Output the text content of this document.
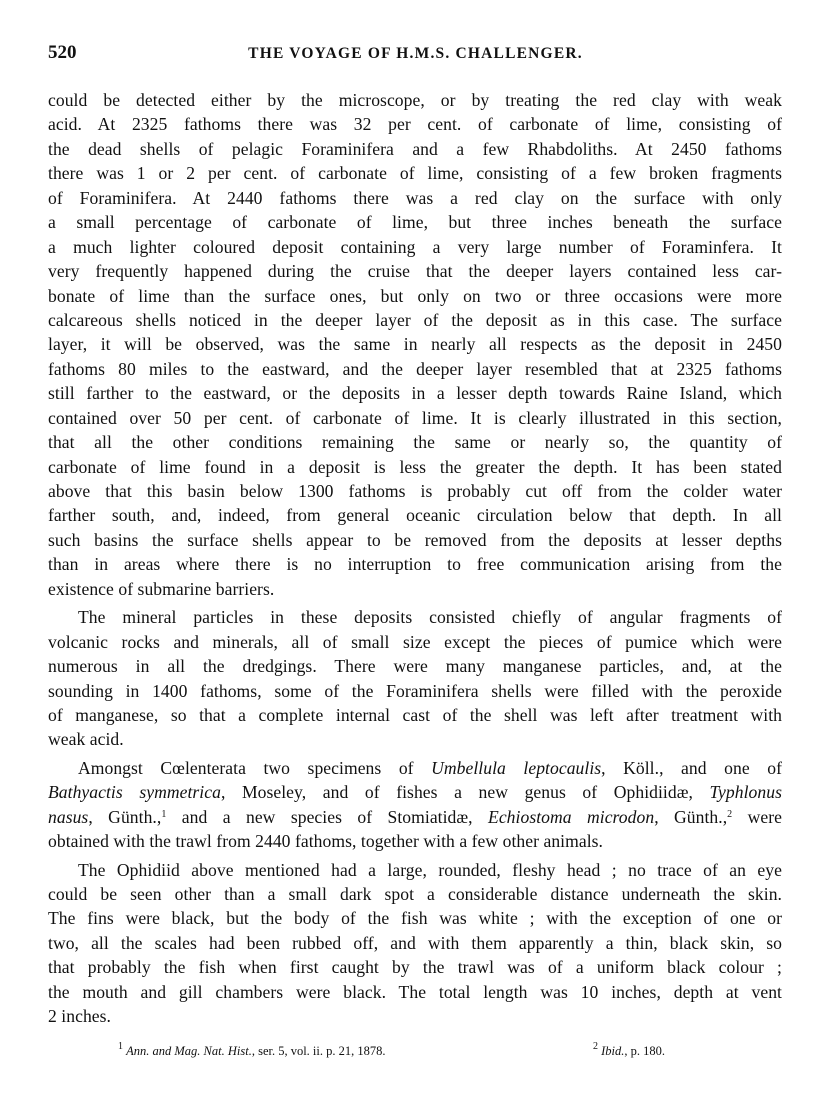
520	THE VOYAGE OF H.M.S. CHALLENGER.
could be detected either by the microscope, or by treating the red clay with weak
acid. At 2325 fathoms there was 32 per cent. of carbonate of lime, consisting of
the dead shells of pelagic Foraminifera and a few Rhabdoliths. At 2450 fathoms
there was 1 or 2 per cent. of carbonate of lime, consisting of a few broken fragments
of Foraminifera. At 2440 fathoms there was a red clay on the surface with only
a small percentage of carbonate of lime, but three inches beneath the surface
a much lighter coloured deposit containing a very large number of Foraminfera. It
very frequently happened during the cruise that the deeper layers contained less car-
bonate of lime than the surface ones, but only on two or three occasions were more
calcareous shells noticed in the deeper layer of the deposit as in this case. The surface
layer, it will be observed, was the same in nearly all respects as the deposit in 2450
fathoms 80 miles to the eastward, and the deeper layer resembled that at 2325 fathoms
still farther to the eastward, or the deposits in a lesser depth towards Raine Island, which
contained over 50 per cent. of carbonate of lime. It is clearly illustrated in this section,
that all the other conditions remaining the same or nearly so, the quantity of
carbonate of lime found in a deposit is less the greater the depth. It has been stated
above that this basin below 1300 fathoms is probably cut off from the colder water
farther south, and, indeed, from general oceanic circulation below that depth. In all
such basins the surface shells appear to be removed from the deposits at lesser depths
than in areas where there is no interruption to free communication arising from the
existence of submarine barriers.
The mineral particles in these deposits consisted chiefly of angular fragments of
volcanic rocks and minerals, all of small size except the pieces of pumice which were
numerous in all the dredgings. There were many manganese particles, and, at the
sounding in 1400 fathoms, some of the Foraminifera shells were filled with the peroxide
of manganese, so that a complete internal cast of the shell was left after treatment with
weak acid.
Amongst Cœlenterata two specimens of Umbellula leptocaulis, Köll., and one of
Bathyactis symmetrica, Moseley, and of fishes a new genus of Ophidiidæ, Typhlonus
nasus, Günth.,$^1$ and a new species of Stomiatidæ, Echiostoma microdon, Günth.,$^2$ were
obtained with the trawl from 2440 fathoms, together with a few other animals.
The Ophidiid above mentioned had a large, rounded, fleshy head ; no trace of an eye
could be seen other than a small dark spot a considerable distance underneath the skin.
The fins were black, but the body of the fish was white ; with the exception of one or
two, all the scales had been rubbed off, and with them apparently a thin, black skin, so
that probably the fish when first caught by the trawl was of a uniform black colour ;
the mouth and gill chambers were black. The total length was 10 inches, depth at vent
2 inches.
$^1$ Ann. and Mag. Nat. Hist., ser. 5, vol. ii. p. 21, 1878.	$^2$ Ibid., p. 180.
